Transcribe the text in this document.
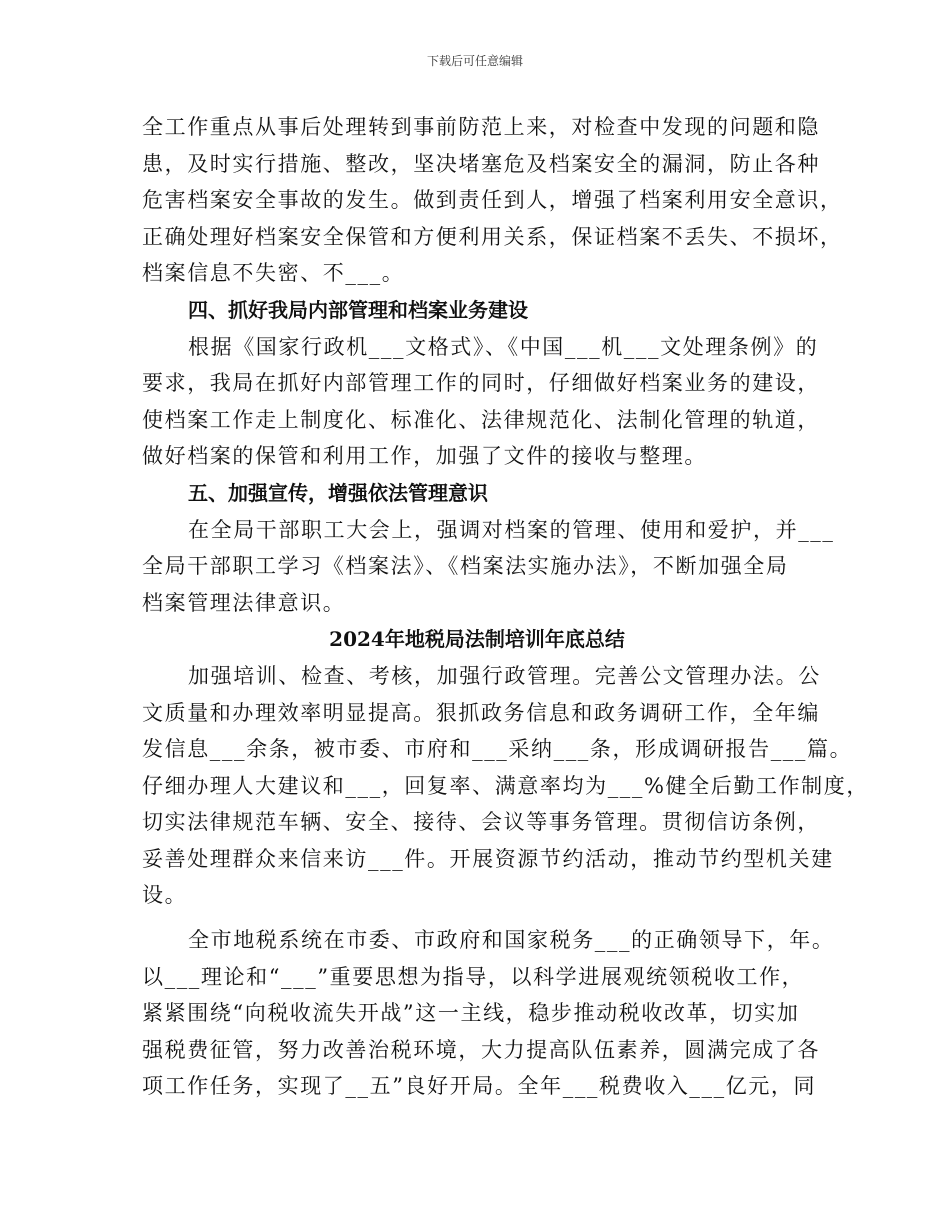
下载后可任意编辑
全工作重点从事后处理转到事前防范上来，对检查中发现的问题和隐
患，及时实行措施、整改，坚决堵塞危及档案安全的漏洞，防止各种
危害档案安全事故的发生。做到责任到人，增强了档案利用安全意识，
正确处理好档案安全保管和方便利用关系，保证档案不丢失、不损坏，
档案信息不失密、不___。
四、抓好我局内部管理和档案业务建设
根据《国家行政机___文格式》、《中国___机___文处理条例》的
要求，我局在抓好内部管理工作的同时，仔细做好档案业务的建设，
使档案工作走上制度化、标准化、法律规范化、法制化管理的轨道，
做好档案的保管和利用工作，加强了文件的接收与整理。
五、加强宣传，增强依法管理意识
在全局干部职工大会上，强调对档案的管理、使用和爱护，并___
全局干部职工学习《档案法》、《档案法实施办法》，不断加强全局
档案管理法律意识。
2024年地税局法制培训年底总结
加强培训、检查、考核，加强行政管理。完善公文管理办法。公
文质量和办理效率明显提高。狠抓政务信息和政务调研工作，全年编
发信息___余条，被市委、市府和___采纳___条，形成调研报告___篇。
仔细办理人大建议和___，回复率、满意率均为___%健全后勤工作制度，
切实法律规范车辆、安全、接待、会议等事务管理。贯彻信访条例，
妥善处理群众来信来访___件。开展资源节约活动，推动节约型机关建
设。
全市地税系统在市委、市政府和国家税务___的正确领导下，年。
以___理论和“___”重要思想为指导，以科学进展观统领税收工作，
紧紧围绕“向税收流失开战”这一主线，稳步推动税收改革，切实加
强税费征管，努力改善治税环境，大力提高队伍素养，圆满完成了各
项工作任务，实现了__五”良好开局。全年___税费收入___亿元，同
